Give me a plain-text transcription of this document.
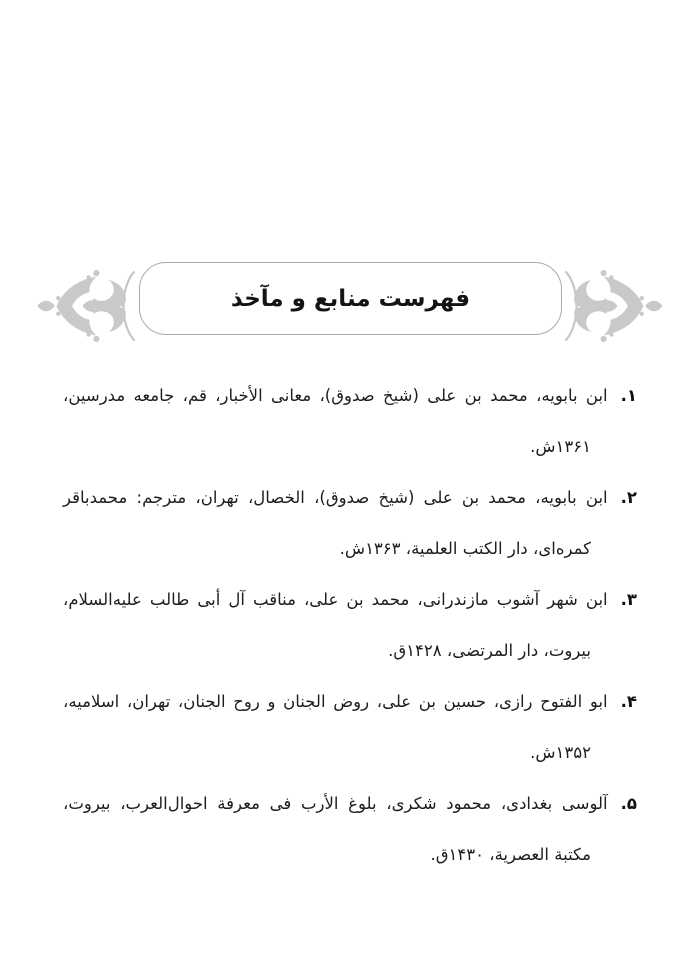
فهرست منابع و مآخذ
۱.ابن بابويه، محمد بن على (شيخ صدوق)، معانى الأخبار، قم، جامعه مدرسين،
۱۳۶۱ش.
۲.ابن بابويه، محمد بن على (شيخ صدوق)، الخصال، تهران، مترجم: محمدباقر
کمره‌اى، دار الکتب العلمية، ۱۳۶۳ش.
۳.ابن شهر آشوب مازندرانى، محمد بن على، مناقب آل أبى طالب عليه‌السلام،
بيروت، دار المرتضى، ۱۴۲۸ق.
۴.ابو الفتوح رازى، حسين بن على، روض الجنان و روح الجنان، تهران، اسلاميه،
۱۳۵۲ش.
۵.آلوسى بغدادى، محمود شکرى، بلوغ الأرب فى معرفة احوال‌العرب، بيروت،
مکتبة العصرية، ۱۴۳۰ق.
